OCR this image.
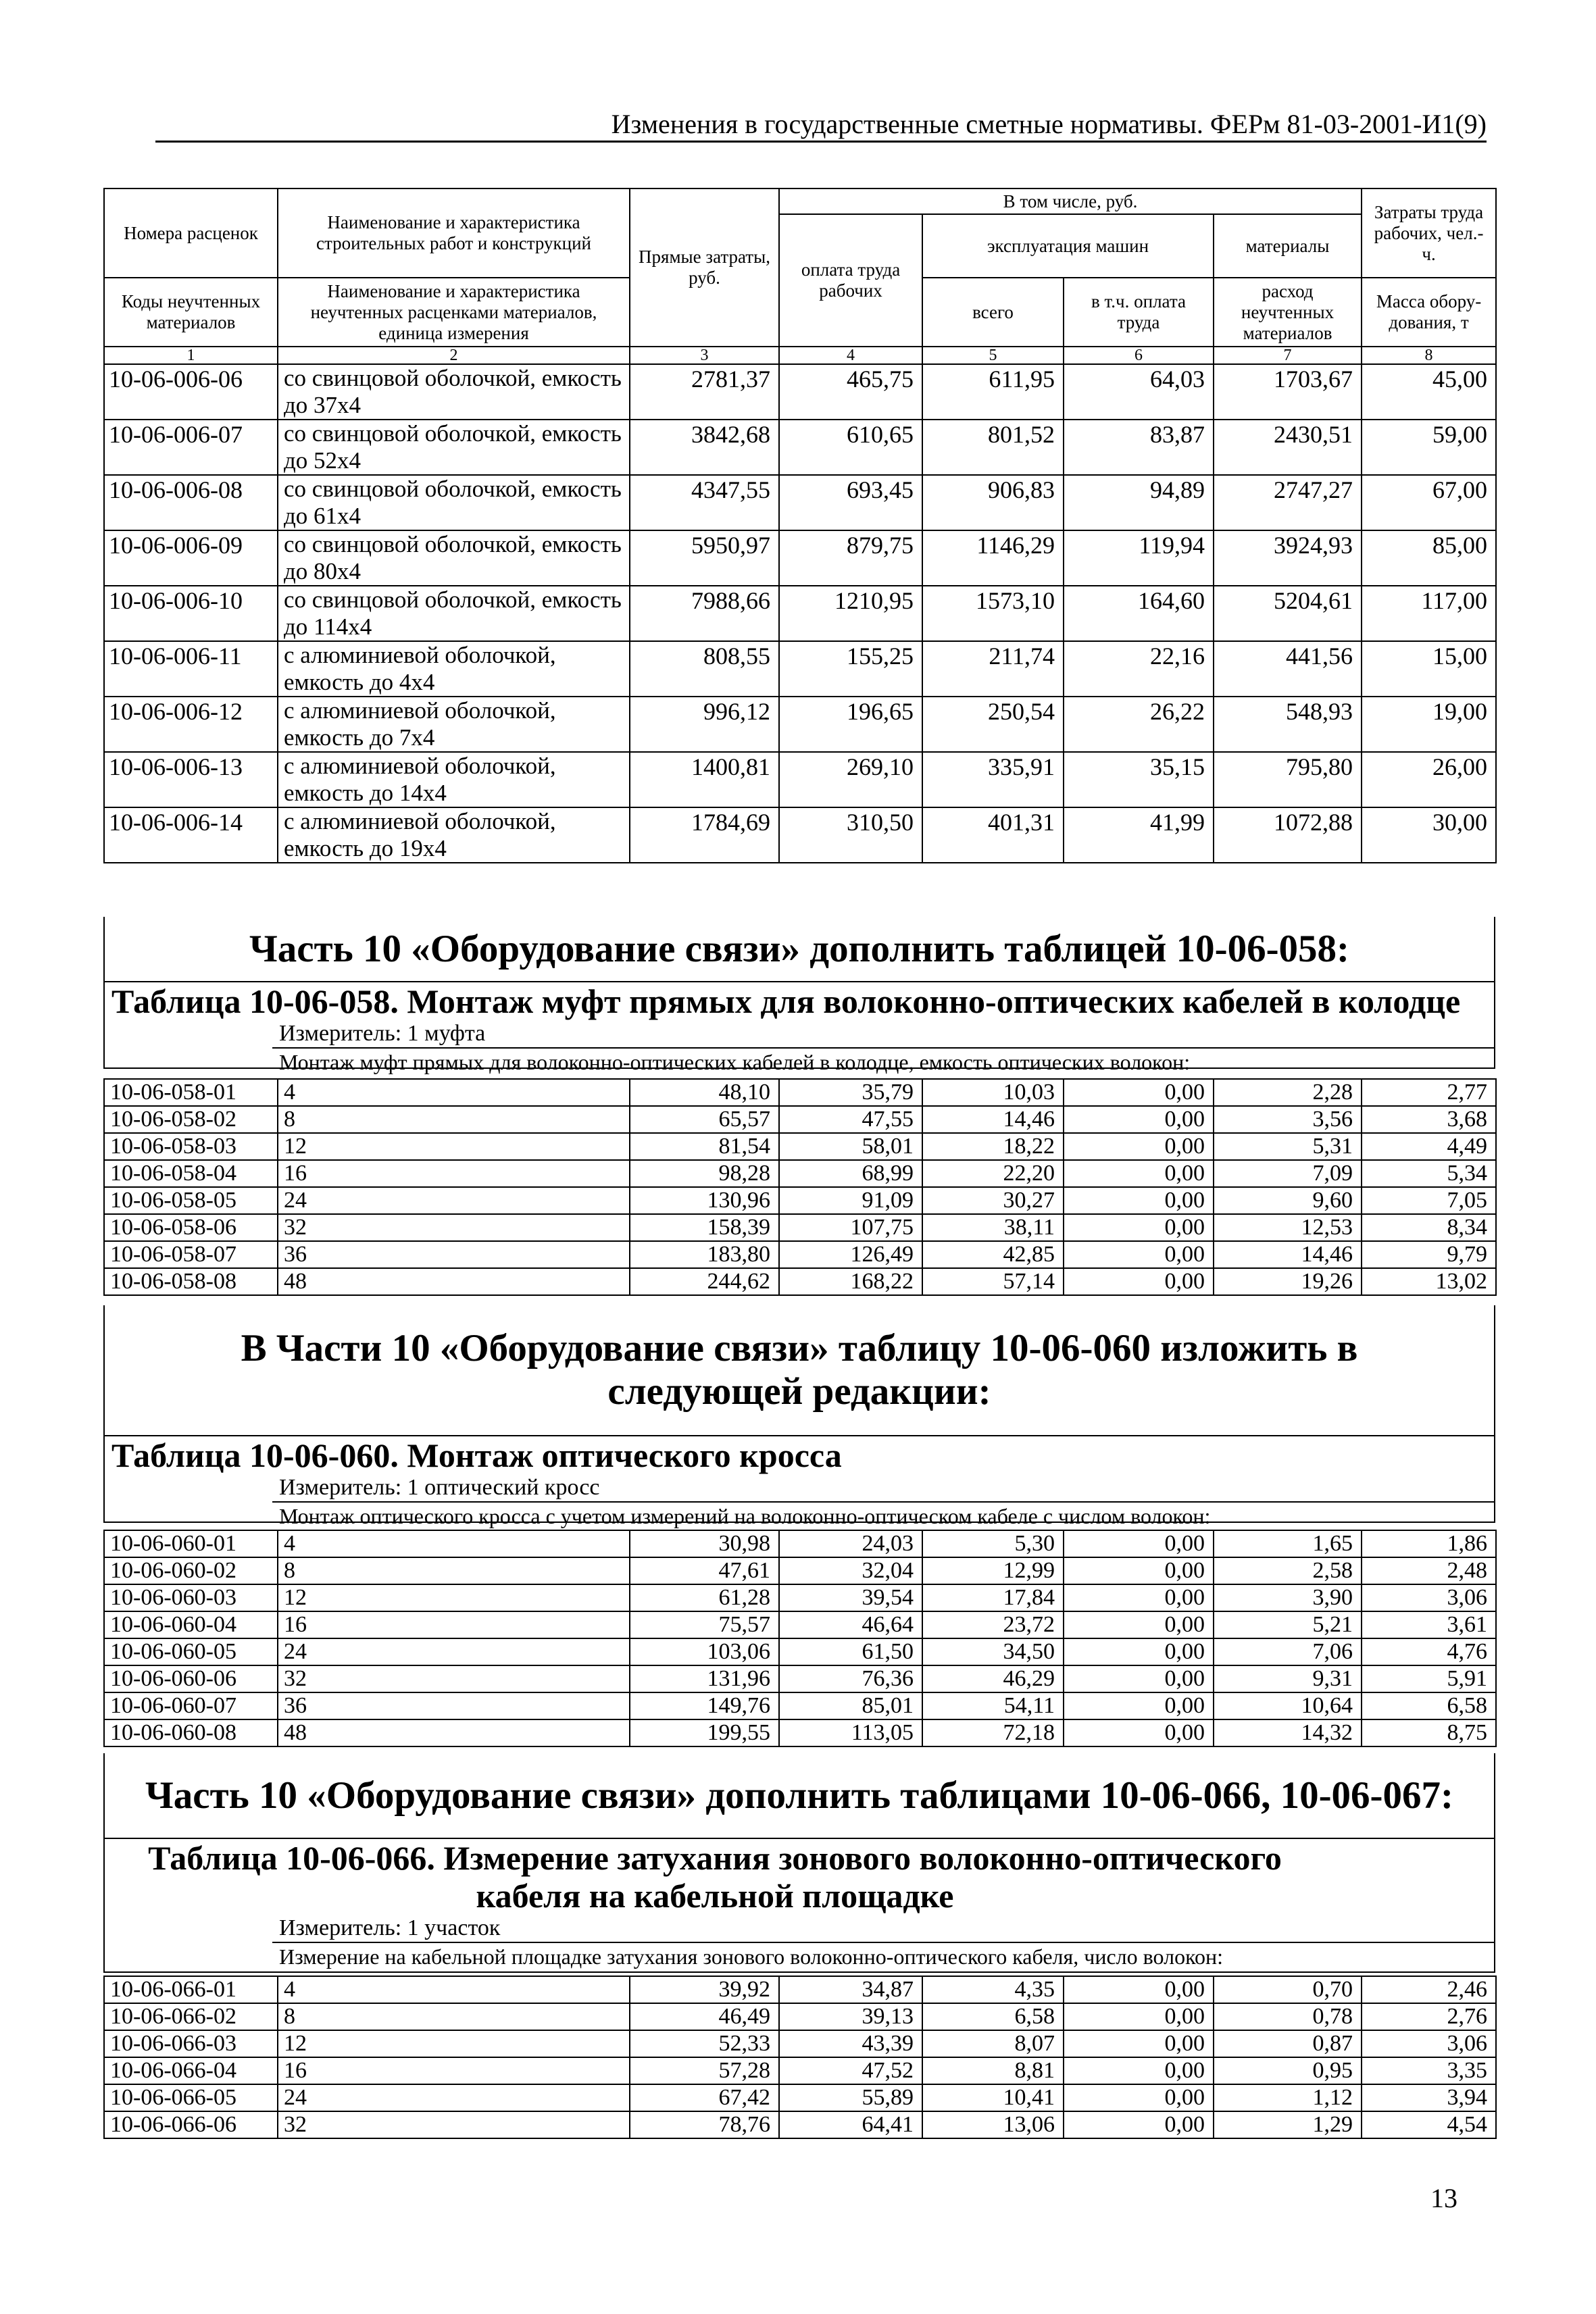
Изменения в государственные сметные нормативы. ФЕРм 81-03-2001-И1(9)
Номера расценок	Наименование и характеристика строительных работ и конструкций	Прямые затраты, руб.	В том числе, руб.				Затраты труда рабочих, чел.-ч.
			оплата труда рабочих	эксплуатация машин		материалы	

Коды неучтенных материалов	Наименование и характеристика неучтенных расценками материалов, единица измерения			всего	в т.ч. оплата труда	расход неучтенных материалов	Масса обору-дования, т

1	2	3	4	5	6	7	8
10-06-006-06	со свинцовой оболочкой, емкость до 37x4	2781,37	465,75	611,95	64,03	1703,67	45,00
10-06-006-07	со свинцовой оболочкой, емкость до 52x4	3842,68	610,65	801,52	83,87	2430,51	59,00
10-06-006-08	со свинцовой оболочкой, емкость до 61x4	4347,55	693,45	906,83	94,89	2747,27	67,00
10-06-006-09	со свинцовой оболочкой, емкость до 80x4	5950,97	879,75	1146,29	119,94	3924,93	85,00
10-06-006-10	со свинцовой оболочкой, емкость до 114x4	7988,66	1210,95	1573,10	164,60	5204,61	117,00
10-06-006-11	с алюминиевой оболочкой, емкость до 4x4	808,55	155,25	211,74	22,16	441,56	15,00
10-06-006-12	с алюминиевой оболочкой, емкость до 7x4	996,12	196,65	250,54	26,22	548,93	19,00
10-06-006-13	с алюминиевой оболочкой, емкость до 14x4	1400,81	269,10	335,91	35,15	795,80	26,00
10-06-006-14	с алюминиевой оболочкой, емкость до 19x4	1784,69	310,50	401,31	41,99	1072,88	30,00
Часть 10 «Оборудование связи» дополнить таблицей 10-06-058:
Таблица 10-06-058. Монтаж муфт прямых для волоконно-оптических кабелей в колодце
Измеритель: 1 муфта
Монтаж муфт прямых для волоконно-оптических кабелей в колодце, емкость оптических волокон:
10-06-058-01	4	48,10	35,79	10,03	0,00	2,28	2,77
10-06-058-02	8	65,57	47,55	14,46	0,00	3,56	3,68
10-06-058-03	12	81,54	58,01	18,22	0,00	5,31	4,49
10-06-058-04	16	98,28	68,99	22,20	0,00	7,09	5,34
10-06-058-05	24	130,96	91,09	30,27	0,00	9,60	7,05
10-06-058-06	32	158,39	107,75	38,11	0,00	12,53	8,34
10-06-058-07	36	183,80	126,49	42,85	0,00	14,46	9,79
10-06-058-08	48	244,62	168,22	57,14	0,00	19,26	13,02
В Части 10 «Оборудование связи» таблицу 10-06-060 изложить в следующей редакции:
Таблица 10-06-060. Монтаж оптического кросса
Измеритель: 1 оптический кросс
Монтаж оптического кросса с учетом измерений на волоконно-оптическом кабеле с числом волокон:
10-06-060-01	4	30,98	24,03	5,30	0,00	1,65	1,86
10-06-060-02	8	47,61	32,04	12,99	0,00	2,58	2,48
10-06-060-03	12	61,28	39,54	17,84	0,00	3,90	3,06
10-06-060-04	16	75,57	46,64	23,72	0,00	5,21	3,61
10-06-060-05	24	103,06	61,50	34,50	0,00	7,06	4,76
10-06-060-06	32	131,96	76,36	46,29	0,00	9,31	5,91
10-06-060-07	36	149,76	85,01	54,11	0,00	10,64	6,58
10-06-060-08	48	199,55	113,05	72,18	0,00	14,32	8,75
Часть 10 «Оборудование связи» дополнить таблицами 10-06-066, 10-06-067:
Таблица 10-06-066. Измерение затухания зонового волоконно-оптического кабеля на кабельной площадке
Измеритель: 1 участок
Измерение на кабельной площадке затухания зонового волоконно-оптического кабеля, число волокон:
10-06-066-01	4	39,92	34,87	4,35	0,00	0,70	2,46
10-06-066-02	8	46,49	39,13	6,58	0,00	0,78	2,76
10-06-066-03	12	52,33	43,39	8,07	0,00	0,87	3,06
10-06-066-04	16	57,28	47,52	8,81	0,00	0,95	3,35
10-06-066-05	24	67,42	55,89	10,41	0,00	1,12	3,94
10-06-066-06	32	78,76	64,41	13,06	0,00	1,29	4,54
13
